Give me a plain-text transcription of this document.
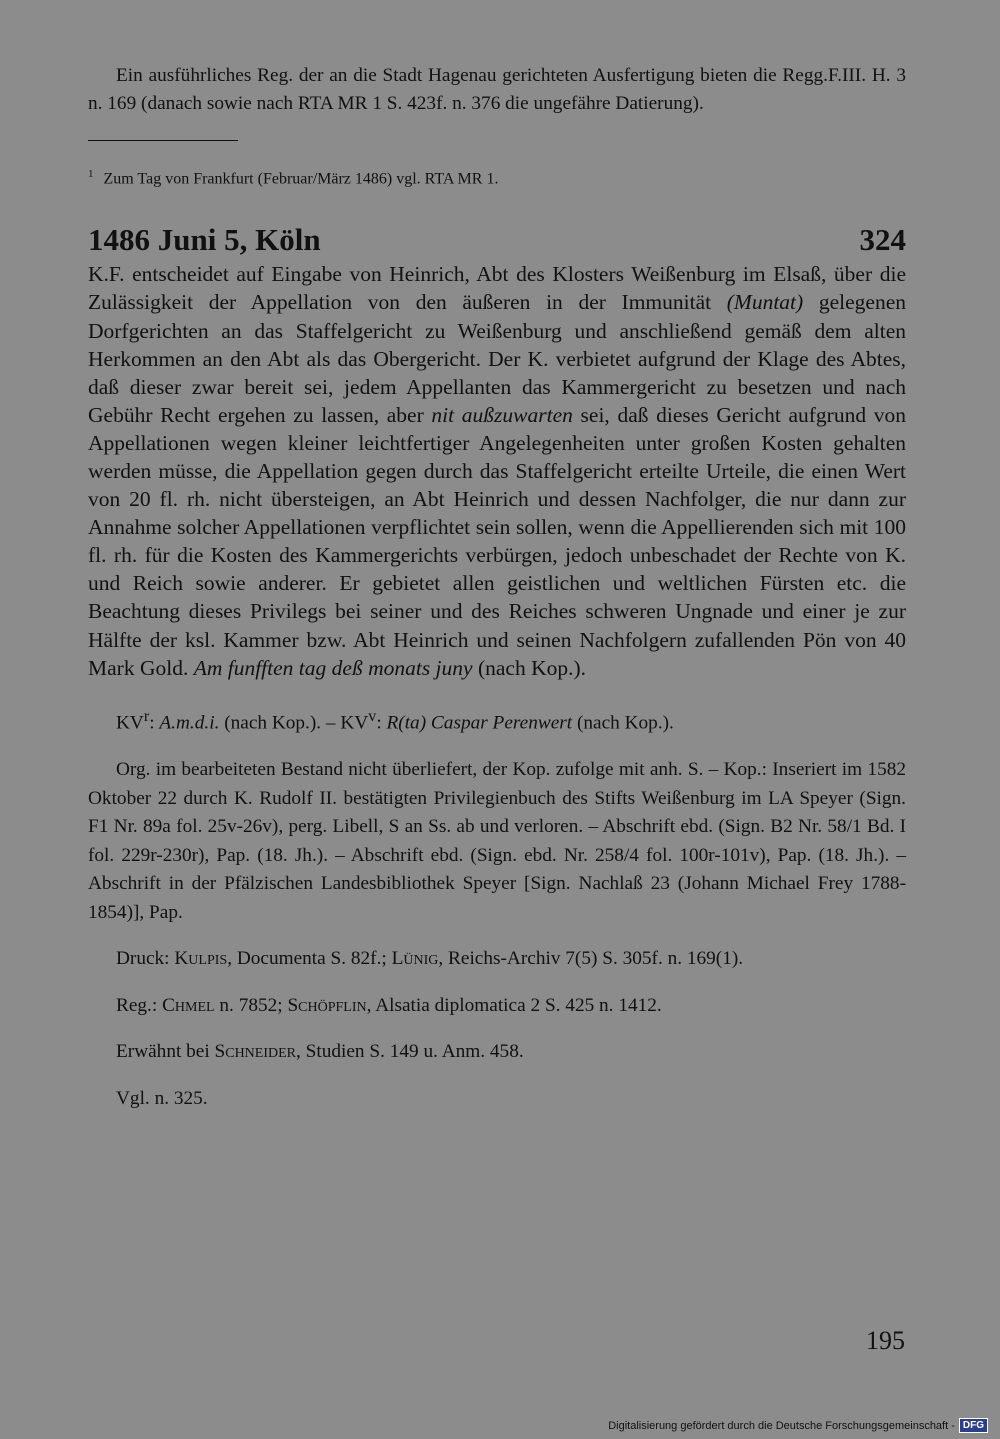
Ein ausführliches Reg. der an die Stadt Hagenau gerichteten Ausfertigung bieten die Regg.F.III. H. 3 n. 169 (danach sowie nach RTA MR 1 S. 423f. n. 376 die ungefähre Datierung).

$^1$ Zum Tag von Frankfurt (Februar/März 1486) vgl. RTA MR 1.
1486 Juni 5, Köln	324

K.F. entscheidet auf Eingabe von Heinrich, Abt des Klosters Weißenburg im Elsaß, über die Zulässigkeit der Appellation von den äußeren in der Immunität (Muntat) gelegenen Dorfgerichten an das Staffelgericht zu Weißenburg und anschließend gemäß dem alten Herkommen an den Abt als das Obergericht. Der K. verbietet aufgrund der Klage des Abtes, daß dieser zwar bereit sei, jedem Appellanten das Kammergericht zu besetzen und nach Gebühr Recht ergehen zu lassen, aber nit außzuwarten sei, daß dieses Gericht aufgrund von Appellationen wegen kleiner leichtfertiger Angelegenheiten unter großen Kosten gehalten werden müsse, die Appellation gegen durch das Staffelgericht erteilte Urteile, die einen Wert von 20 fl. rh. nicht übersteigen, an Abt Heinrich und dessen Nachfolger, die nur dann zur Annahme solcher Appellationen verpflichtet sein sollen, wenn die Appellierenden sich mit 100 fl. rh. für die Kosten des Kammergerichts verbürgen, jedoch unbeschadet der Rechte von K. und Reich sowie anderer. Er gebietet allen geistlichen und weltlichen Fürsten etc. die Beachtung dieses Privilegs bei seiner und des Reiches schweren Ungnade und einer je zur Hälfte der ksl. Kammer bzw. Abt Heinrich und seinen Nachfolgern zufallenden Pön von 40 Mark Gold. Am funfften tag deß monats juny (nach Kop.).

$KV^r$: A.m.d.i. (nach Kop.). – $KV^v$: R(ta) Caspar Perenwert (nach Kop.).

Org. im bearbeiteten Bestand nicht überliefert, der Kop. zufolge mit anh. S. – Kop.: Inseriert im 1582 Oktober 22 durch K. Rudolf II. bestätigten Privilegienbuch des Stifts Weißenburg im LA Speyer (Sign. F1 Nr. 89a fol. 25v-26v), perg. Libell, S an Ss. ab und verloren. – Abschrift ebd. (Sign. B2 Nr. 58/1 Bd. I fol. 229r-230r), Pap. (18. Jh.). – Abschrift ebd. (Sign. ebd. Nr. 258/4 fol. 100r-101v), Pap. (18. Jh.). – Abschrift in der Pfälzischen Landesbibliothek Speyer [Sign. Nachlaß 23 (Johann Michael Frey 1788-1854)], Pap.

Druck: Kulpis, Documenta S. 82f.; Lünig, Reichs-Archiv 7(5) S. 305f. n. 169(1).

Reg.: Chmel n. 7852; Schöpflin, Alsatia diplomatica 2 S. 425 n. 1412.

Erwähnt bei Schneider, Studien S. 149 u. Anm. 458.

Vgl. n. 325.

195
Digitalisierung gefördert durch die Deutsche Forschungsgemeinschaft - DFG
